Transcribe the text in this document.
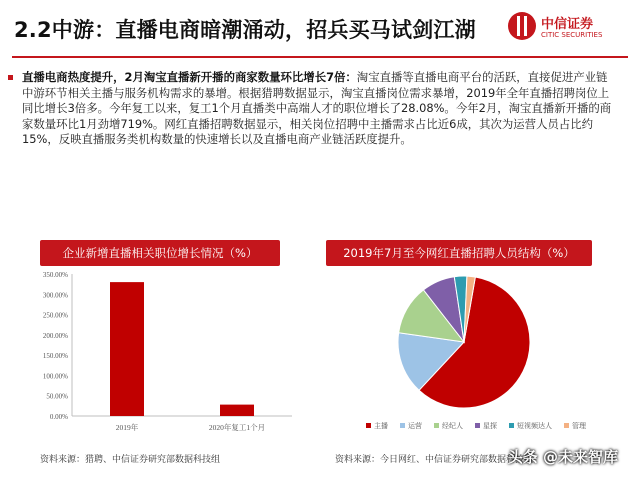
2.2中游：直播电商暗潮涌动，招兵买马试剑江湖	中信证券
CITIC SECURITIES
直播电商热度提升，2月淘宝直播新开播的商家数量环比增长7倍：淘宝直播等直播电商平台的活跃，直接促进产业链中游环节相关主播与服务机构需求的暴增。根据猎聘数据显示，淘宝直播岗位需求暴增，2019年全年直播招聘岗位上同比增长3倍多。今年复工以来，复工1个月直播类中高端人才的职位增长了28.08%。今年2月，淘宝直播新开播的商家数量环比1月劲增719%。网红直播招聘数据显示，相关岗位招聘中主播需求占比近6成，其次为运营人员占比约15%，反映直播服务类机构数量的快速增长以及直播电商产业链活跃度提升。
企业新增直播相关职位增长情况（%）	2019年7月至今网红直播招聘人员结构（%）
0.00%
50.00%
100.00%
150.00%
200.00%
250.00%
300.00%
350.00%
2019年	2020年复工1个月	主播	运营	经纪人	星探	短视频达人	管理
资料来源：猎聘、中信证券研究部数据科技组	资料来源：今日网红、中信证券研究部数据科技组
头条 @未来智库
